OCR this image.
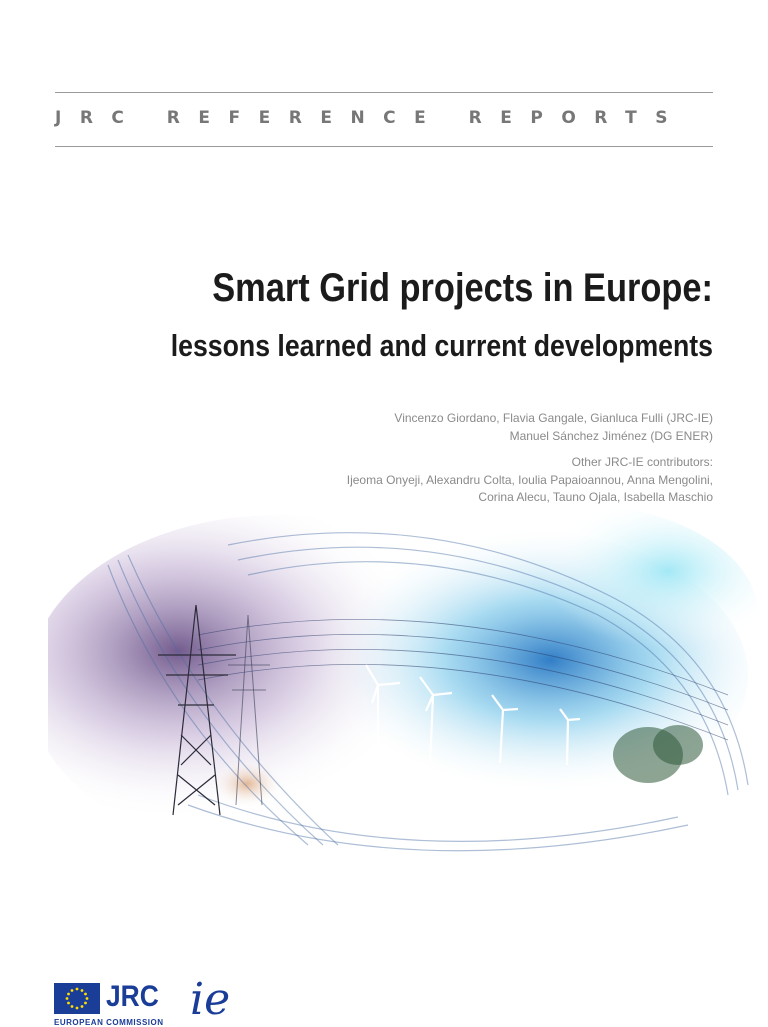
JRC REFERENCE REPORTS
Smart Grid projects in Europe:
lessons learned and current developments
Vincenzo Giordano, Flavia Gangale, Gianluca Fulli (JRC-IE)
Manuel Sánchez Jiménez (DG ENER)
Other JRC-IE contributors:
Ijeoma Onyeji, Alexandru Colta, Ioulia Papaioannou, Anna Mengolini,
Corina Alecu, Tauno Ojala, Isabella Maschio
JRC
EUROPEAN COMMISSION ie
